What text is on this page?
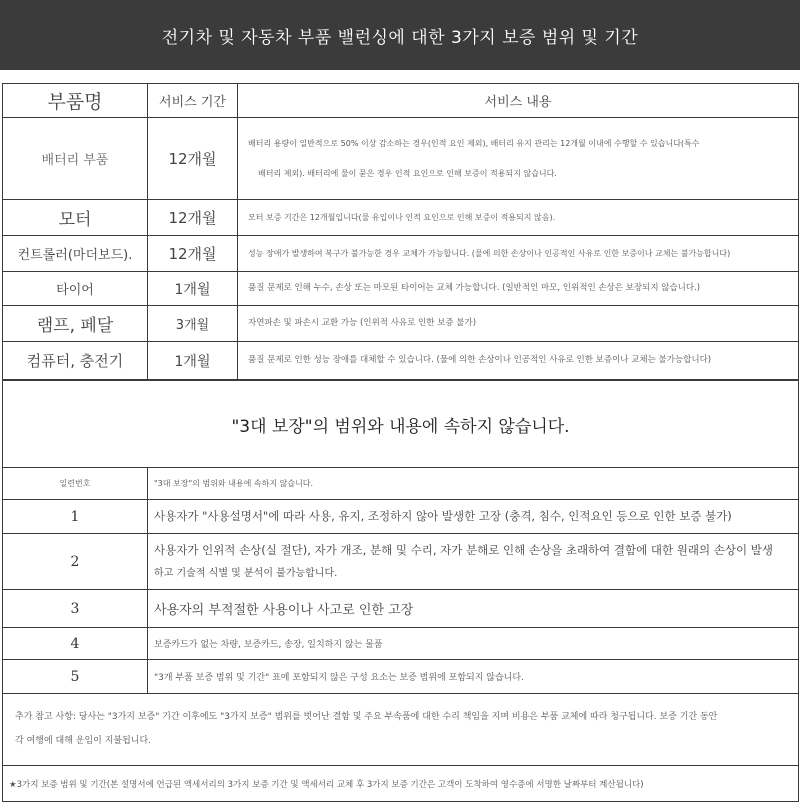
전기차 및 자동차 부품 밸런싱에 대한 3가지 보증 범위 및 기간
부품명	서비스 기간	서비스 내용
배터리 부품	12개월	배터리 용량이 일반적으로 50% 이상 감소하는 경우(인적 요인 제외), 배터리 유지 관리는 12개월 이내에 수행할 수 있습니다(특수
배터리 제외). 배터리에 물이 묻은 경우 인적 요인으로 인해 보증이 적용되지 않습니다.

모터	12개월	모터 보증 기간은 12개월입니다(물 유입이나 인적 요인으로 인해 보증이 적용되지 않음).
컨트롤러(마더보드).	12개월	성능 장애가 발생하여 복구가 불가능한 경우 교체가 가능합니다. (물에 의한 손상이나 인공적인 사유로 인한 보증이나 교체는 불가능합니다)
타이어	1개월	품질 문제로 인해 누수, 손상 또는 마모된 타이어는 교체 가능합니다. (일반적인 마모, 인위적인 손상은 보장되지 않습니다.)
램프, 페달	3개월	자연파손 및 파손시 교환 가능 (인위적 사유로 인한 보증 불가)
컴퓨터, 충전기	1개월	품질 문제로 인한 성능 장애를 대체할 수 있습니다. (물에 의한 손상이나 인공적인 사유로 인한 보증이나 교체는 불가능합니다)
"3대 보장"의 범위와 내용에 속하지 않습니다.	
일련번호	"3대 보장"의 범위와 내용에 속하지 않습니다.
1	사용자가 "사용설명서"에 따라 사용, 유지, 조정하지 않아 발생한 고장 (충격, 침수, 인적요인 등으로 인한 보증 불가)
2	사용자가 인위적 손상(실 절단), 자가 개조, 분해 및 수리, 자가 분해로 인해 손상을 초래하여 결함에 대한 원래의 손상이 발생
하고 기술적 식별 및 분석이 불가능합니다.

3	사용자의 부적절한 사용이나 사고로 인한 고장
4	보증카드가 없는 차량, 보증카드, 송장, 일치하지 않는 물품
5	"3개 부품 보증 범위 및 기간" 표에 포함되지 않은 구성 요소는 보증 범위에 포함되지 않습니다.

추가 참고 사항: 당사는 "3가지 보증" 기간 이후에도 "3가지 보증" 범위를 벗어난 결함 및 주요 부속품에 대한 수리 책임을 지며 비용은 부품 교체에 따라 청구됩니다. 보증 기간 동안
각 여행에 대해 운임이 지불됩니다.	

★3가지 보증 범위 및 기간(본 설명서에 언급된 액세서리의 3가지 보증 기간 및 액세서리 교체 후 3가지 보증 기간은 고객이 도착하여 영수증에 서명한 날짜부터 계산됩니다)	
